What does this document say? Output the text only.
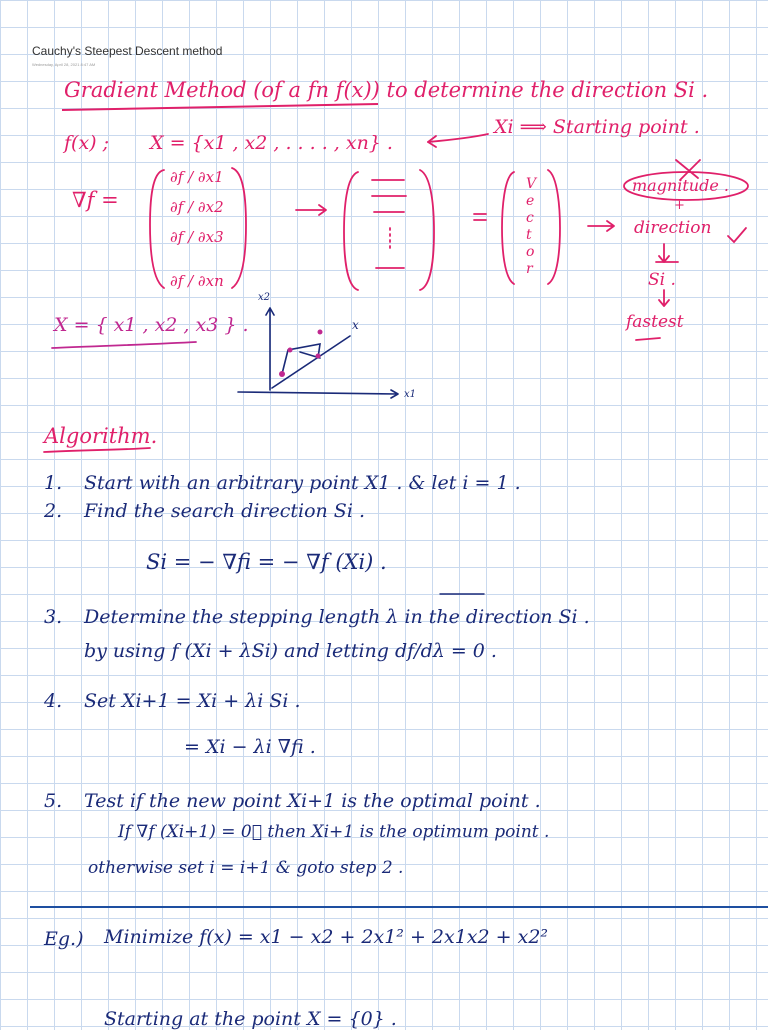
Cauchy's Steepest Descent method
Wednesday, April 28, 2021 8:47 AM
Gradient Method (of a fn f(x)) to determine the direction Si .
f(x) ; X = {x1 , x2 , . . . . , xn} .
Xi ⟹ Starting point .
∇f =
∂f / ∂x1
∂f / ∂x2
∂f / ∂x3
∂f / ∂xn
V
e
c
t
o
r
magnitude .
+
direction
Si .
fastest
X = { x1 , x2 , x3 } .
x2
x1
x
Algorithm.
1. Start with an arbitrary point X1 . & let i = 1 .
2. Find the search direction Si .
Si = − ∇fi = − ∇f (Xi) .
3. Determine the stepping length λ in the direction Si .
by using f (Xi + λSi) and letting df/dλ = 0 .
4. Set Xi+1 = Xi + λi Si .
= Xi − λi ∇fi .
5. Test if the new point Xi+1 is the optimal point .
If ∇f (Xi+1) = 0⃗ then Xi+1 is the optimum point .
otherwise set i = i+1 & goto step 2 .
Eg.) Minimize f(x) = x1 − x2 + 2x1² + 2x1x2 + x2²
Starting at the point X = {0} .
